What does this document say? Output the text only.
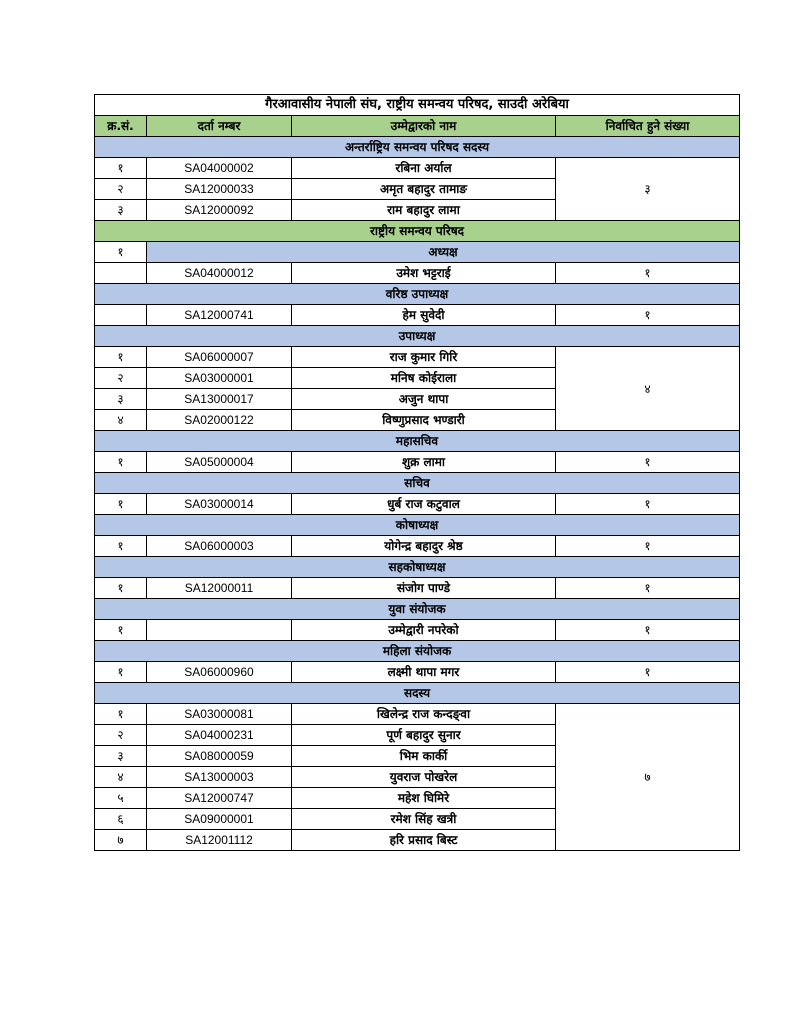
गैरआवासीय नेपाली संघ, राष्ट्रीय समन्वय परिषद, साउदी अरेबिया			
क्र.सं.	दर्ता नम्बर	उम्मेद्वारको नाम	निर्वाचित हुने संख्या
अन्तर्राष्ट्रिय समन्वय परिषद सदस्य			
१	SA04000002	रबिना अर्याल	३
२	SA12000033	अमृत बहादुर तामाङ	
३	SA12000092	राम बहादुर लामा	
राष्ट्रीय समन्वय परिषद			
१	अध्यक्ष		
	SA04000012	उमेश भट्टराई	१
वरिष्ठ उपाध्यक्ष			
	SA12000741	हेम सुवेदी	१
उपाध्यक्ष			
१	SA06000007	राज कुमार गिरि	४
२	SA03000001	मनिष कोईराला	
३	SA13000017	अजुन थापा	
४	SA02000122	विष्णुप्रसाद भण्डारी	
महासचिव			
१	SA05000004	शुक्र लामा	१
सचिव			
१	SA03000014	धुर्ब राज कटुवाल	१
कोषाध्यक्ष			
१	SA06000003	योगेन्द्र बहादुर श्रेष्ठ	१
सहकोषाध्यक्ष			
१	SA12000011	संजोग पाण्डे	१
युवा संयोजक			
१		उम्मेद्वारी नपरेको	१
महिला संयोजक			
१	SA06000960	लक्ष्मी थापा मगर	१
सदस्य			
१	SA03000081	खिलेन्द्र राज कन्दङ्वा	७
२	SA04000231	पूर्ण बहादुर सुनार	
३	SA08000059	भिम कार्की	
४	SA13000003	युवराज पोखरेल	
५	SA12000747	महेश घिमिरे	
६	SA09000001	रमेश सिंह खत्री	
७	SA12001112	हरि प्रसाद बिस्ट	
